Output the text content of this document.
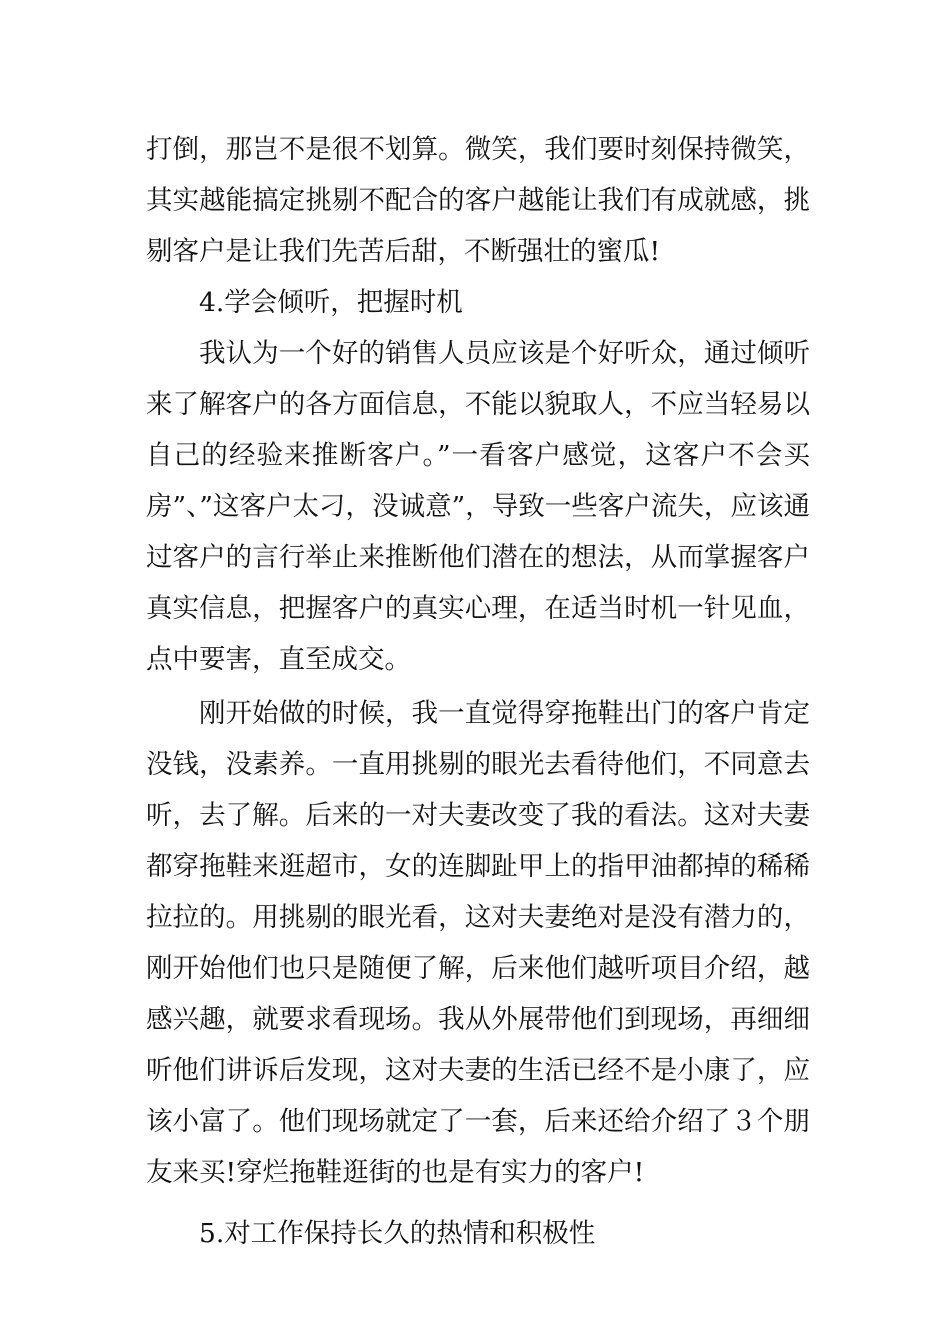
打倒，那岂不是很不划算。微笑，我们要时刻保持微笑，其实越能搞定挑剔不配合的客户越能让我们有成就感，挑剔客户是让我们先苦后甜，不断强壮的蜜瓜!

4.学会倾听，把握时机

我认为一个好的销售人员应该是个好听众，通过倾听来了解客户的各方面信息，不能以貌取人，不应当轻易以自己的经验来推断客户。”一看客户感觉，这客户不会买房”、”这客户太刁，没诚意”，导致一些客户流失，应该通过客户的言行举止来推断他们潜在的想法，从而掌握客户真实信息，把握客户的真实心理，在适当时机一针见血，点中要害，直至成交。

刚开始做的时候，我一直觉得穿拖鞋出门的客户肯定没钱，没素养。一直用挑剔的眼光去看待他们，不同意去听，去了解。后来的一对夫妻改变了我的看法。这对夫妻都穿拖鞋来逛超市，女的连脚趾甲上的指甲油都掉的稀稀拉拉的。用挑剔的眼光看，这对夫妻绝对是没有潜力的，刚开始他们也只是随便了解，后来他们越听项目介绍，越感兴趣，就要求看现场。我从外展带他们到现场，再细细听他们讲诉后发现，这对夫妻的生活已经不是小康了，应该小富了。他们现场就定了一套，后来还给介绍了３个朋友来买!穿烂拖鞋逛街的也是有实力的客户!

5.对工作保持长久的热情和积极性
